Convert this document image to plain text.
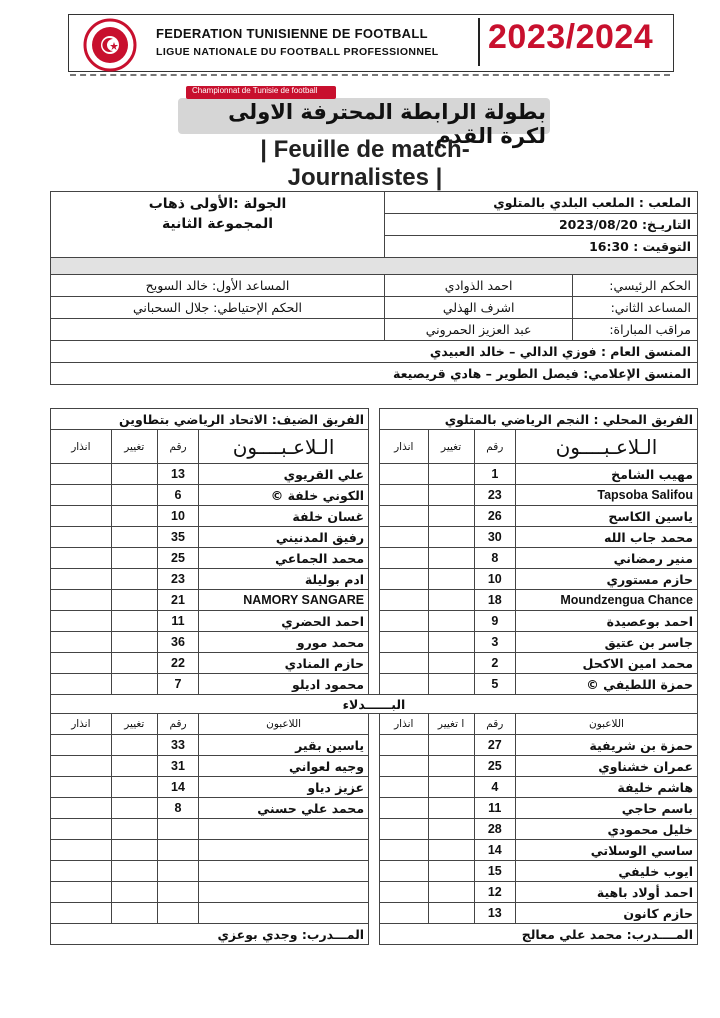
FEDERATION TUNISIENNE DE FOOTBALL
LIGUE NATIONALE DU FOOTBALL PROFESSIONNEL 2023/2024
Championnat de Tunisie de football
بطولة الرابطة المحترفة الاولى لكرة القدم
| Feuille de match- Journalistes |
الملعب : الملعب البلدي بالمتلوي		الجولة :الأولى ذهاب
المجموعة الثانية

التاريـخ: 2023/08/20		
التوقيت : 16:30		

الحكم الرئيسي:	احمد الذوادي	المساعد الأول: خالد السويح
المساعد الثاني:	اشرف الهذلي	الحكم الإحتياطي: جلال السحباني
مراقب المباراة:	عبد العزيز الحمروني	
المنسق العام : فوزي الدالي – خالد العبيدي		
المنسق الإعلامي: فيصل الطوير – هادي قريصيعة		
الفريق المحلي : النجم الرياضي بالمتلوي					الفريق الضيف: الاتحاد الرياضي بتطاوين			
الـلاعـبــــون	رقم	تغيير	انذار		الـلاعـبــــون	رقم	تغيير	انذار
مهيب الشامخ	1				علي القريوي	13		
Tapsoba Salifou	23				الكوني خلفة ©	6		
ياسين الكاسح	26				غسان خلفة	10		
محمد جاب الله	30				رفيق المدنيني	35		
منير رمضاني	8				محمد الجماعي	25		
حازم مستوري	10				ادم بوليلة	23		
Moundzengua Chance	18				NAMORY SANGARE	21		
احمد بوعصيدة	9				احمد الحضري	11		
جاسر بن عتيق	3				محمد مورو	36		
محمد امين الاكحل	2				حازم المنادي	22		
حمزة اللطيفي ©	5				محمود اديلو	7		
البــــــدلاء								
اللاعبون	رقم	ا تغيير	انذار		اللاعبون	رقم	تغيير	انذار
حمزة بن شريفية	27				ياسين بقير	33		
عمران خشناوي	25				وجيه لعواني	31		
هاشم خليفة	4				عزيز دياو	14		
باسم حاجي	11				محمد علي حسني	8		
خليل محمودي	28							
ساسي الوسلاتي	14							
ايوب خليفي	15							
احمد أولاد باهية	12							
حازم كانون	13							
المــــدرب: محمد علي معالج					المـــدرب: وجدي بوعزي			
